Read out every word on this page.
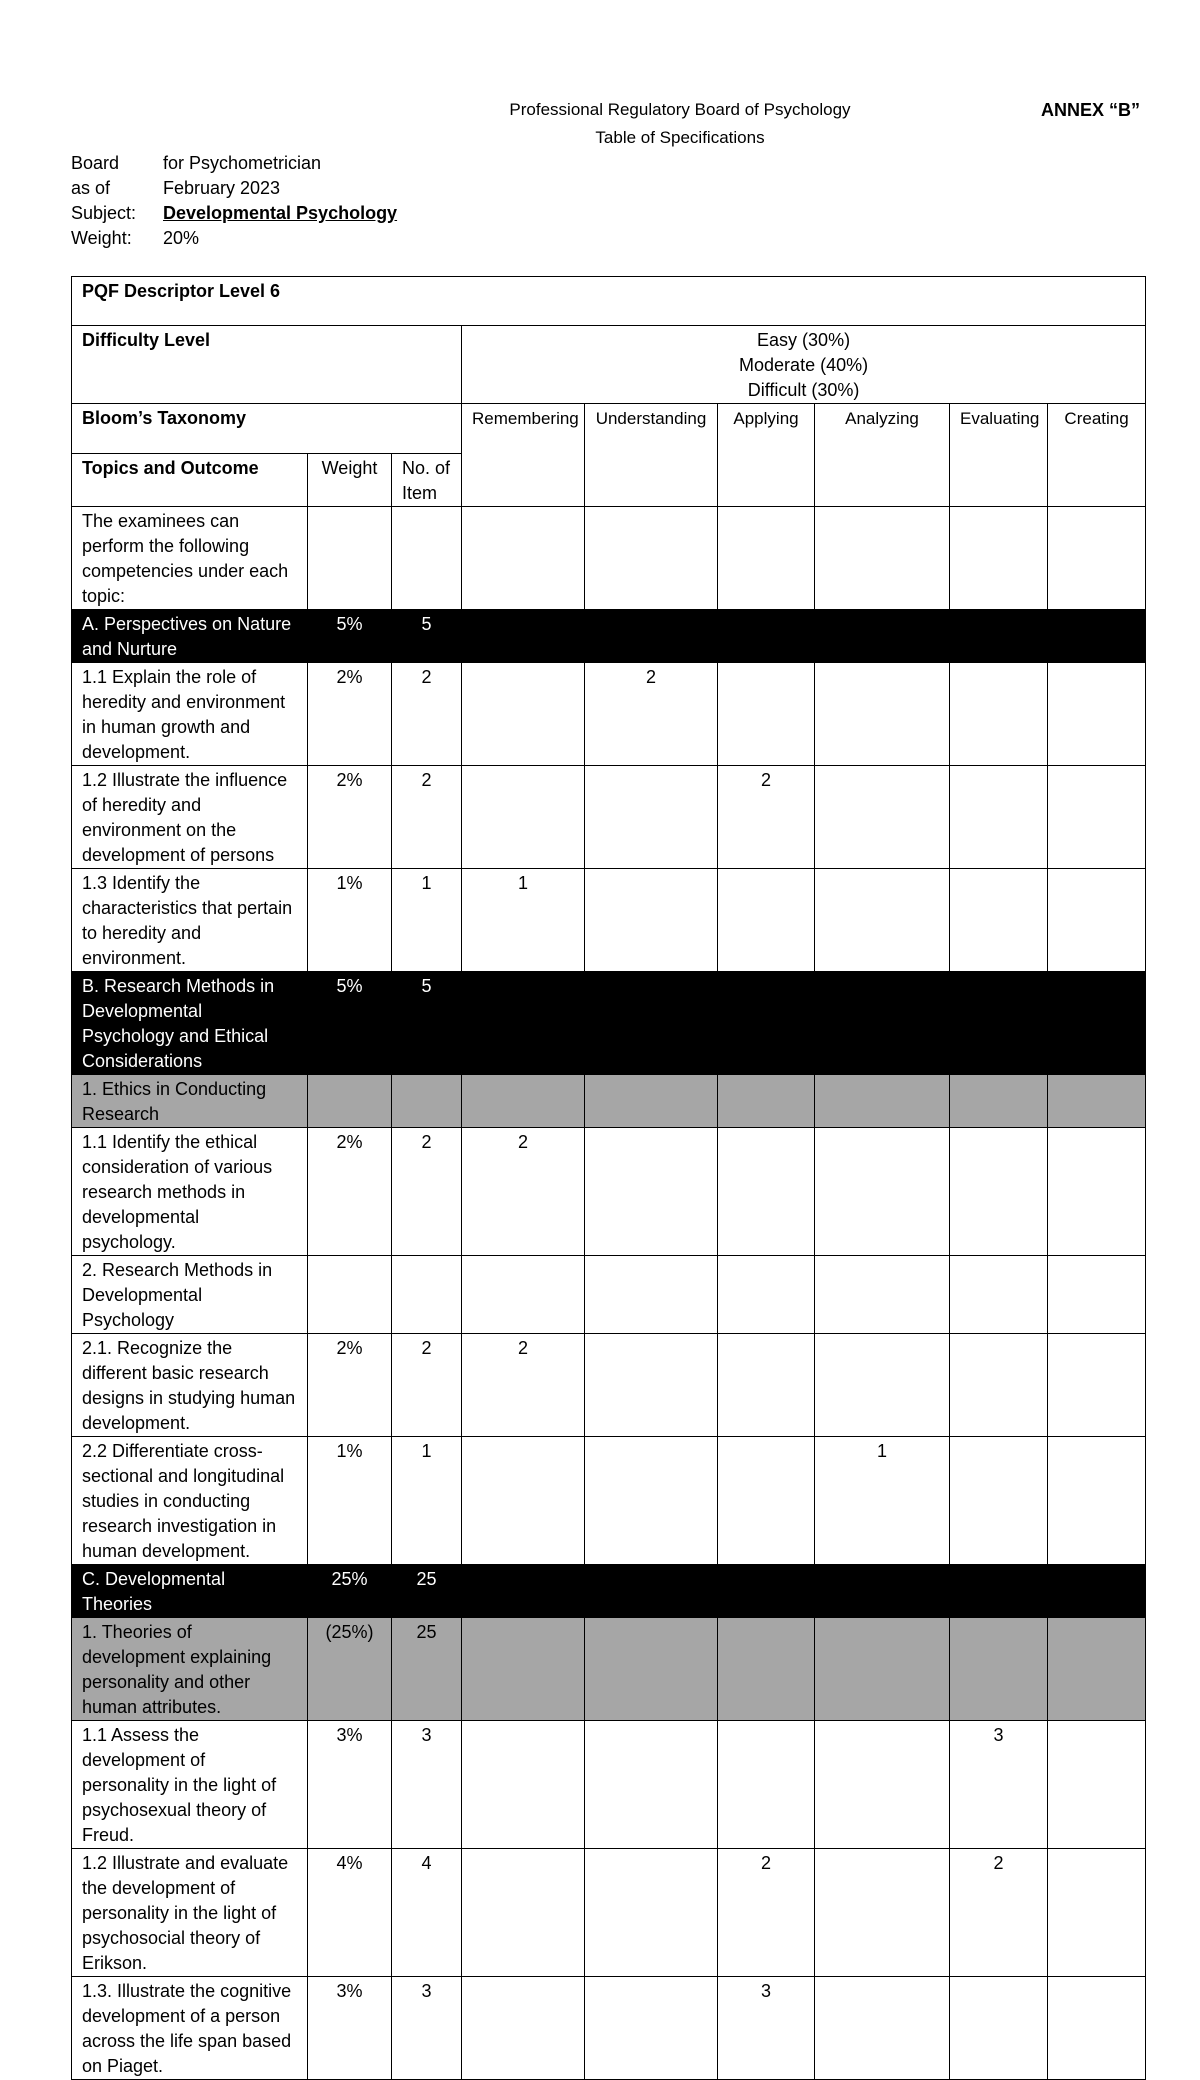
Professional Regulatory Board of Psychology
Table of Specifications
ANNEX “B”
Board	for Psychometrician
as of	February 2023
Subject:	Developmental Psychology
Weight:	20%
PQF Descriptor Level 6								
Difficulty Level			Easy (30%)
Moderate (40%)
Difficult (30%)					

Bloom’s Taxonomy			Remembering	Understanding	Applying	Analyzing	Evaluating	Creating
Topics and Outcome	Weight	No. of Item						
The examinees can perform the following competencies under each topic:								
A. Perspectives on Nature and Nurture	5%	5						
1.1 Explain the role of heredity and environment in human growth and development.	2%	2		2				
1.2 Illustrate the influence of heredity and environment on the development of persons	2%	2			2			
1.3 Identify the characteristics that pertain to heredity and environment.	1%	1	1					
B. Research Methods in Developmental Psychology and Ethical Considerations	5%	5						
1. Ethics in Conducting Research								
1.1 Identify the ethical consideration of various research methods in developmental psychology.	2%	2	2					
2. Research Methods in Developmental Psychology								
2.1. Recognize the different basic research designs in studying human development.	2%	2	2					
2.2 Differentiate cross-sectional and longitudinal studies in conducting research investigation in human development.	1%	1				1		
C. Developmental Theories	25%	25						
1. Theories of development explaining personality and other human attributes.	(25%)	25						
1.1 Assess the development of personality in the light of psychosexual theory of Freud.	3%	3					3	
1.2 Illustrate and evaluate the development of personality in the light of psychosocial theory of Erikson.	4%	4			2		2	
1.3. Illustrate the cognitive development of a person across the life span based on Piaget.	3%	3			3			
